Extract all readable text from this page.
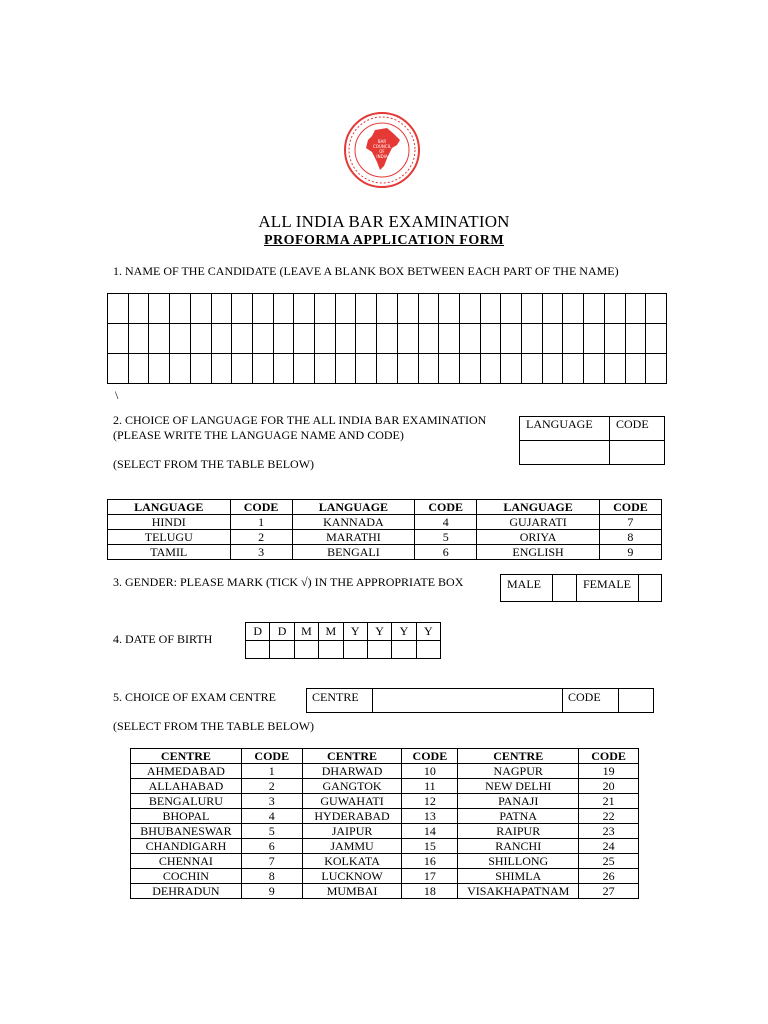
BAR
COUNCIL
OF
INDIA
ALL INDIA BAR EXAMINATION
PROFORMA APPLICATION FORM
1. NAME OF THE CANDIDATE (LEAVE A BLANK BOX BETWEEN EACH PART OF THE NAME)

\
2. CHOICE OF LANGUAGE FOR THE ALL INDIA BAR EXAMINATION
(PLEASE WRITE THE LANGUAGE NAME AND CODE)
(SELECT FROM THE TABLE BELOW)
LANGUAGE	CODE

LANGUAGE	CODE	LANGUAGE	CODE	LANGUAGE	CODE
HINDI	1	KANNADA	4	GUJARATI	7
TELUGU	2	MARATHI	5	ORIYA	8
TAMIL	3	BENGALI	6	ENGLISH	9
3. GENDER: PLEASE MARK (TICK √) IN THE APPROPRIATE BOX	MALE		FEMALE	
4. DATE OF BIRTH
D	D	M	M	Y	Y	Y	Y

5. CHOICE OF EXAM CENTRE	CENTRE		CODE	
(SELECT FROM THE TABLE BELOW)
CENTRE	CODE	CENTRE	CODE	CENTRE	CODE
AHMEDABAD	1	DHARWAD	10	NAGPUR	19
ALLAHABAD	2	GANGTOK	11	NEW DELHI	20
BENGALURU	3	GUWAHATI	12	PANAJI	21
BHOPAL	4	HYDERABAD	13	PATNA	22
BHUBANESWAR	5	JAIPUR	14	RAIPUR	23
CHANDIGARH	6	JAMMU	15	RANCHI	24
CHENNAI	7	KOLKATA	16	SHILLONG	25
COCHIN	8	LUCKNOW	17	SHIMLA	26
DEHRADUN	9	MUMBAI	18	VISAKHAPATNAM	27
